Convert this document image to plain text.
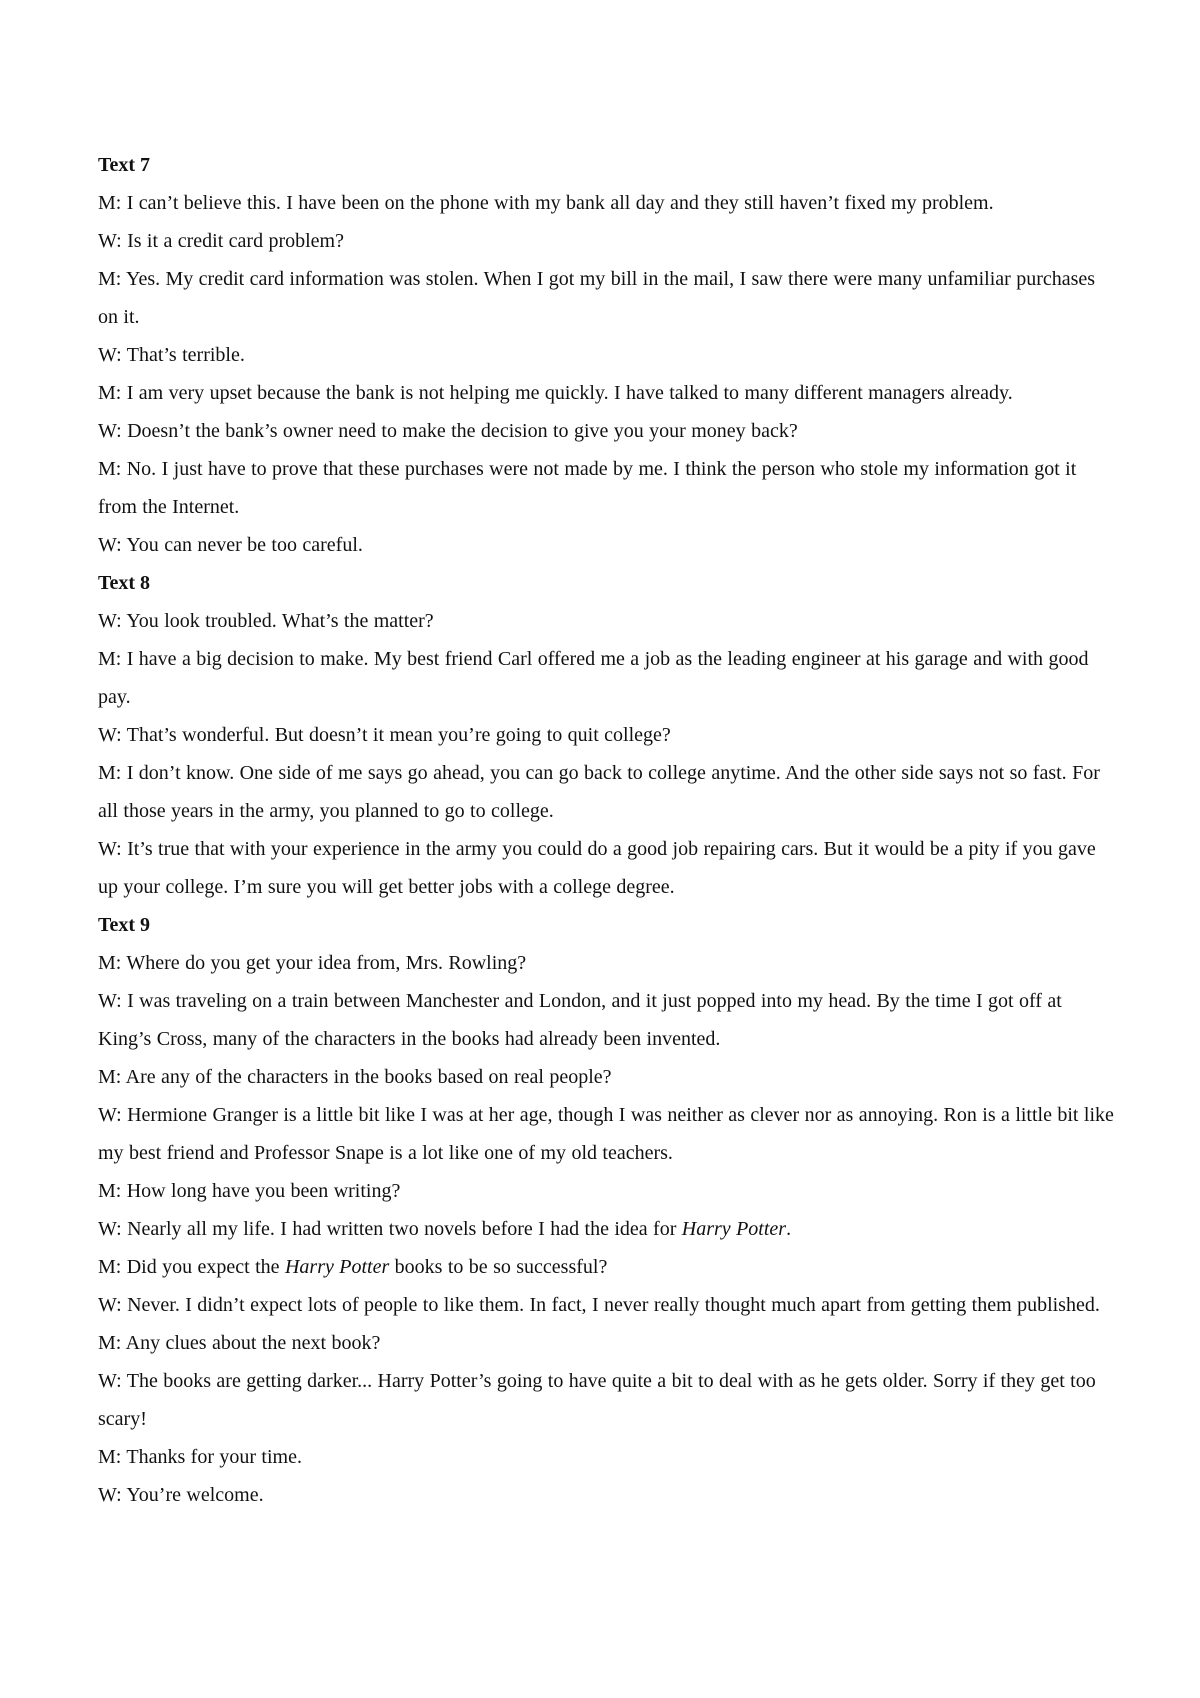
Text 7
M: I can’t believe this. I have been on the phone with my bank all day and they still haven’t fixed my problem.
W: Is it a credit card problem?
M: Yes. My credit card information was stolen. When I got my bill in the mail, I saw there were many unfamiliar purchases on it.
W: That’s terrible.
M: I am very upset because the bank is not helping me quickly. I have talked to many different managers already.
W: Doesn’t the bank’s owner need to make the decision to give you your money back?
M: No. I just have to prove that these purchases were not made by me. I think the person who stole my information got it from the Internet.
W: You can never be too careful.
Text 8
W: You look troubled. What’s the matter?
M: I have a big decision to make. My best friend Carl offered me a job as the leading engineer at his garage and with good pay.
W: That’s wonderful. But doesn’t it mean you’re going to quit college?
M: I don’t know. One side of me says go ahead, you can go back to college anytime. And the other side says not so fast. For all those years in the army, you planned to go to college.
W: It’s true that with your experience in the army you could do a good job repairing cars. But it would be a pity if you gave up your college. I’m sure you will get better jobs with a college degree.
Text 9
M: Where do you get your idea from, Mrs. Rowling?
W: I was traveling on a train between Manchester and London, and it just popped into my head. By the time I got off at King’s Cross, many of the characters in the books had already been invented.
M: Are any of the characters in the books based on real people?
W: Hermione Granger is a little bit like I was at her age, though I was neither as clever nor as annoying. Ron is a little bit like my best friend and Professor Snape is a lot like one of my old teachers.
M: How long have you been writing?
W: Nearly all my life. I had written two novels before I had the idea for Harry Potter.
M: Did you expect the Harry Potter books to be so successful?
W: Never. I didn’t expect lots of people to like them. In fact, I never really thought much apart from getting them published.
M: Any clues about the next book?
W: The books are getting darker... Harry Potter’s going to have quite a bit to deal with as he gets older. Sorry if they get too scary!
M: Thanks for your time.
W: You’re welcome.
